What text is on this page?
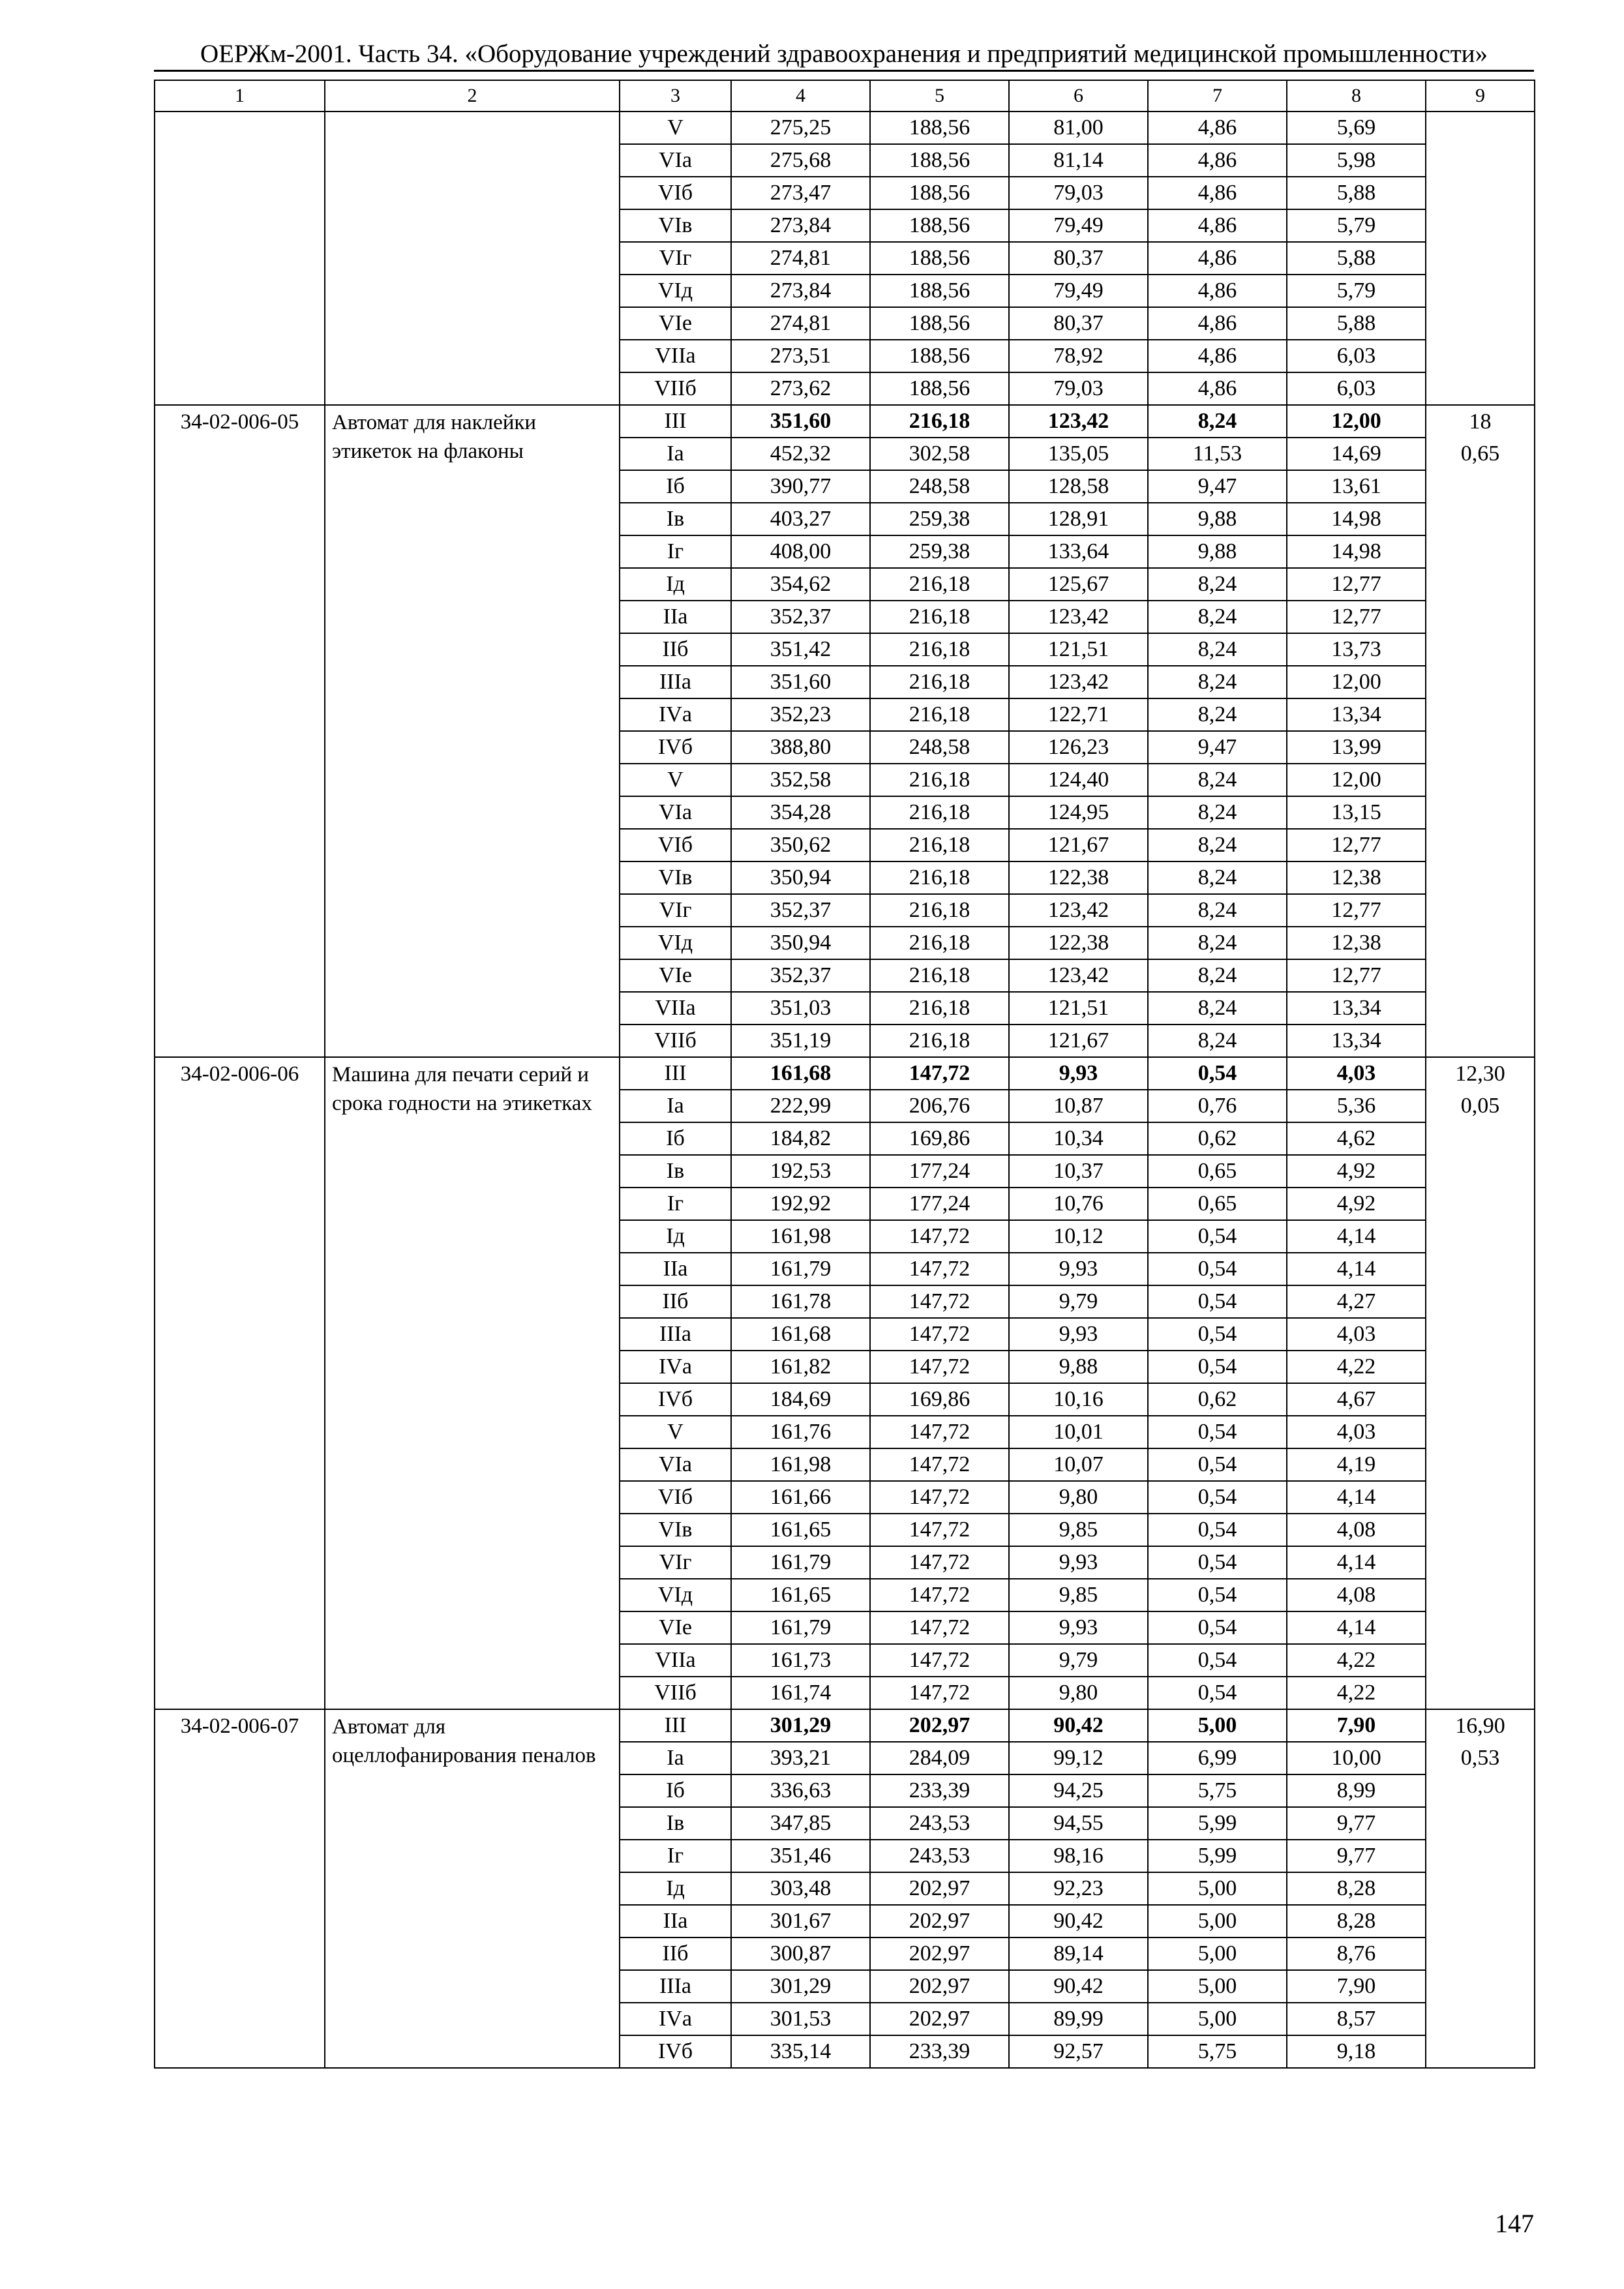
ОЕРЖм-2001. Часть 34. «Оборудование учреждений здравоохранения и предприятий медицинской промышленности»
1	2	3	4	5	6	7	8	9
		V	275,25	188,56	81,00	4,86	5,69	
		VIа	275,68	188,56	81,14	4,86	5,98	
		VIб	273,47	188,56	79,03	4,86	5,88	
		VIв	273,84	188,56	79,49	4,86	5,79	
		VIг	274,81	188,56	80,37	4,86	5,88	
		VIд	273,84	188,56	79,49	4,86	5,79	
		VIе	274,81	188,56	80,37	4,86	5,88	
		VIIа	273,51	188,56	78,92	4,86	6,03	
		VIIб	273,62	188,56	79,03	4,86	6,03	
34-02-006-05	Автомат для наклейки этикеток на флаконы	III	351,60	216,18	123,42	8,24	12,00	18
		Iа	452,32	302,58	135,05	11,53	14,69	0,65
		Iб	390,77	248,58	128,58	9,47	13,61	
		Iв	403,27	259,38	128,91	9,88	14,98	
		Iг	408,00	259,38	133,64	9,88	14,98	
		Iд	354,62	216,18	125,67	8,24	12,77	
		IIа	352,37	216,18	123,42	8,24	12,77	
		IIб	351,42	216,18	121,51	8,24	13,73	
		IIIа	351,60	216,18	123,42	8,24	12,00	
		IVа	352,23	216,18	122,71	8,24	13,34	
		IVб	388,80	248,58	126,23	9,47	13,99	
		V	352,58	216,18	124,40	8,24	12,00	
		VIа	354,28	216,18	124,95	8,24	13,15	
		VIб	350,62	216,18	121,67	8,24	12,77	
		VIв	350,94	216,18	122,38	8,24	12,38	
		VIг	352,37	216,18	123,42	8,24	12,77	
		VIд	350,94	216,18	122,38	8,24	12,38	
		VIе	352,37	216,18	123,42	8,24	12,77	
		VIIа	351,03	216,18	121,51	8,24	13,34	
		VIIб	351,19	216,18	121,67	8,24	13,34	
34-02-006-06	Машина для печати серий и срока годности на этикетках	III	161,68	147,72	9,93	0,54	4,03	12,30
		Iа	222,99	206,76	10,87	0,76	5,36	0,05
		Iб	184,82	169,86	10,34	0,62	4,62	
		Iв	192,53	177,24	10,37	0,65	4,92	
		Iг	192,92	177,24	10,76	0,65	4,92	
		Iд	161,98	147,72	10,12	0,54	4,14	
		IIа	161,79	147,72	9,93	0,54	4,14	
		IIб	161,78	147,72	9,79	0,54	4,27	
		IIIа	161,68	147,72	9,93	0,54	4,03	
		IVа	161,82	147,72	9,88	0,54	4,22	
		IVб	184,69	169,86	10,16	0,62	4,67	
		V	161,76	147,72	10,01	0,54	4,03	
		VIа	161,98	147,72	10,07	0,54	4,19	
		VIб	161,66	147,72	9,80	0,54	4,14	
		VIв	161,65	147,72	9,85	0,54	4,08	
		VIг	161,79	147,72	9,93	0,54	4,14	
		VIд	161,65	147,72	9,85	0,54	4,08	
		VIе	161,79	147,72	9,93	0,54	4,14	
		VIIа	161,73	147,72	9,79	0,54	4,22	
		VIIб	161,74	147,72	9,80	0,54	4,22	
34-02-006-07	Автомат для оцеллофанирования пеналов	III	301,29	202,97	90,42	5,00	7,90	16,90
		Iа	393,21	284,09	99,12	6,99	10,00	0,53
		Iб	336,63	233,39	94,25	5,75	8,99	
		Iв	347,85	243,53	94,55	5,99	9,77	
		Iг	351,46	243,53	98,16	5,99	9,77	
		Iд	303,48	202,97	92,23	5,00	8,28	
		IIа	301,67	202,97	90,42	5,00	8,28	
		IIб	300,87	202,97	89,14	5,00	8,76	
		IIIа	301,29	202,97	90,42	5,00	7,90	
		IVа	301,53	202,97	89,99	5,00	8,57	
		IVб	335,14	233,39	92,57	5,75	9,18	
147
